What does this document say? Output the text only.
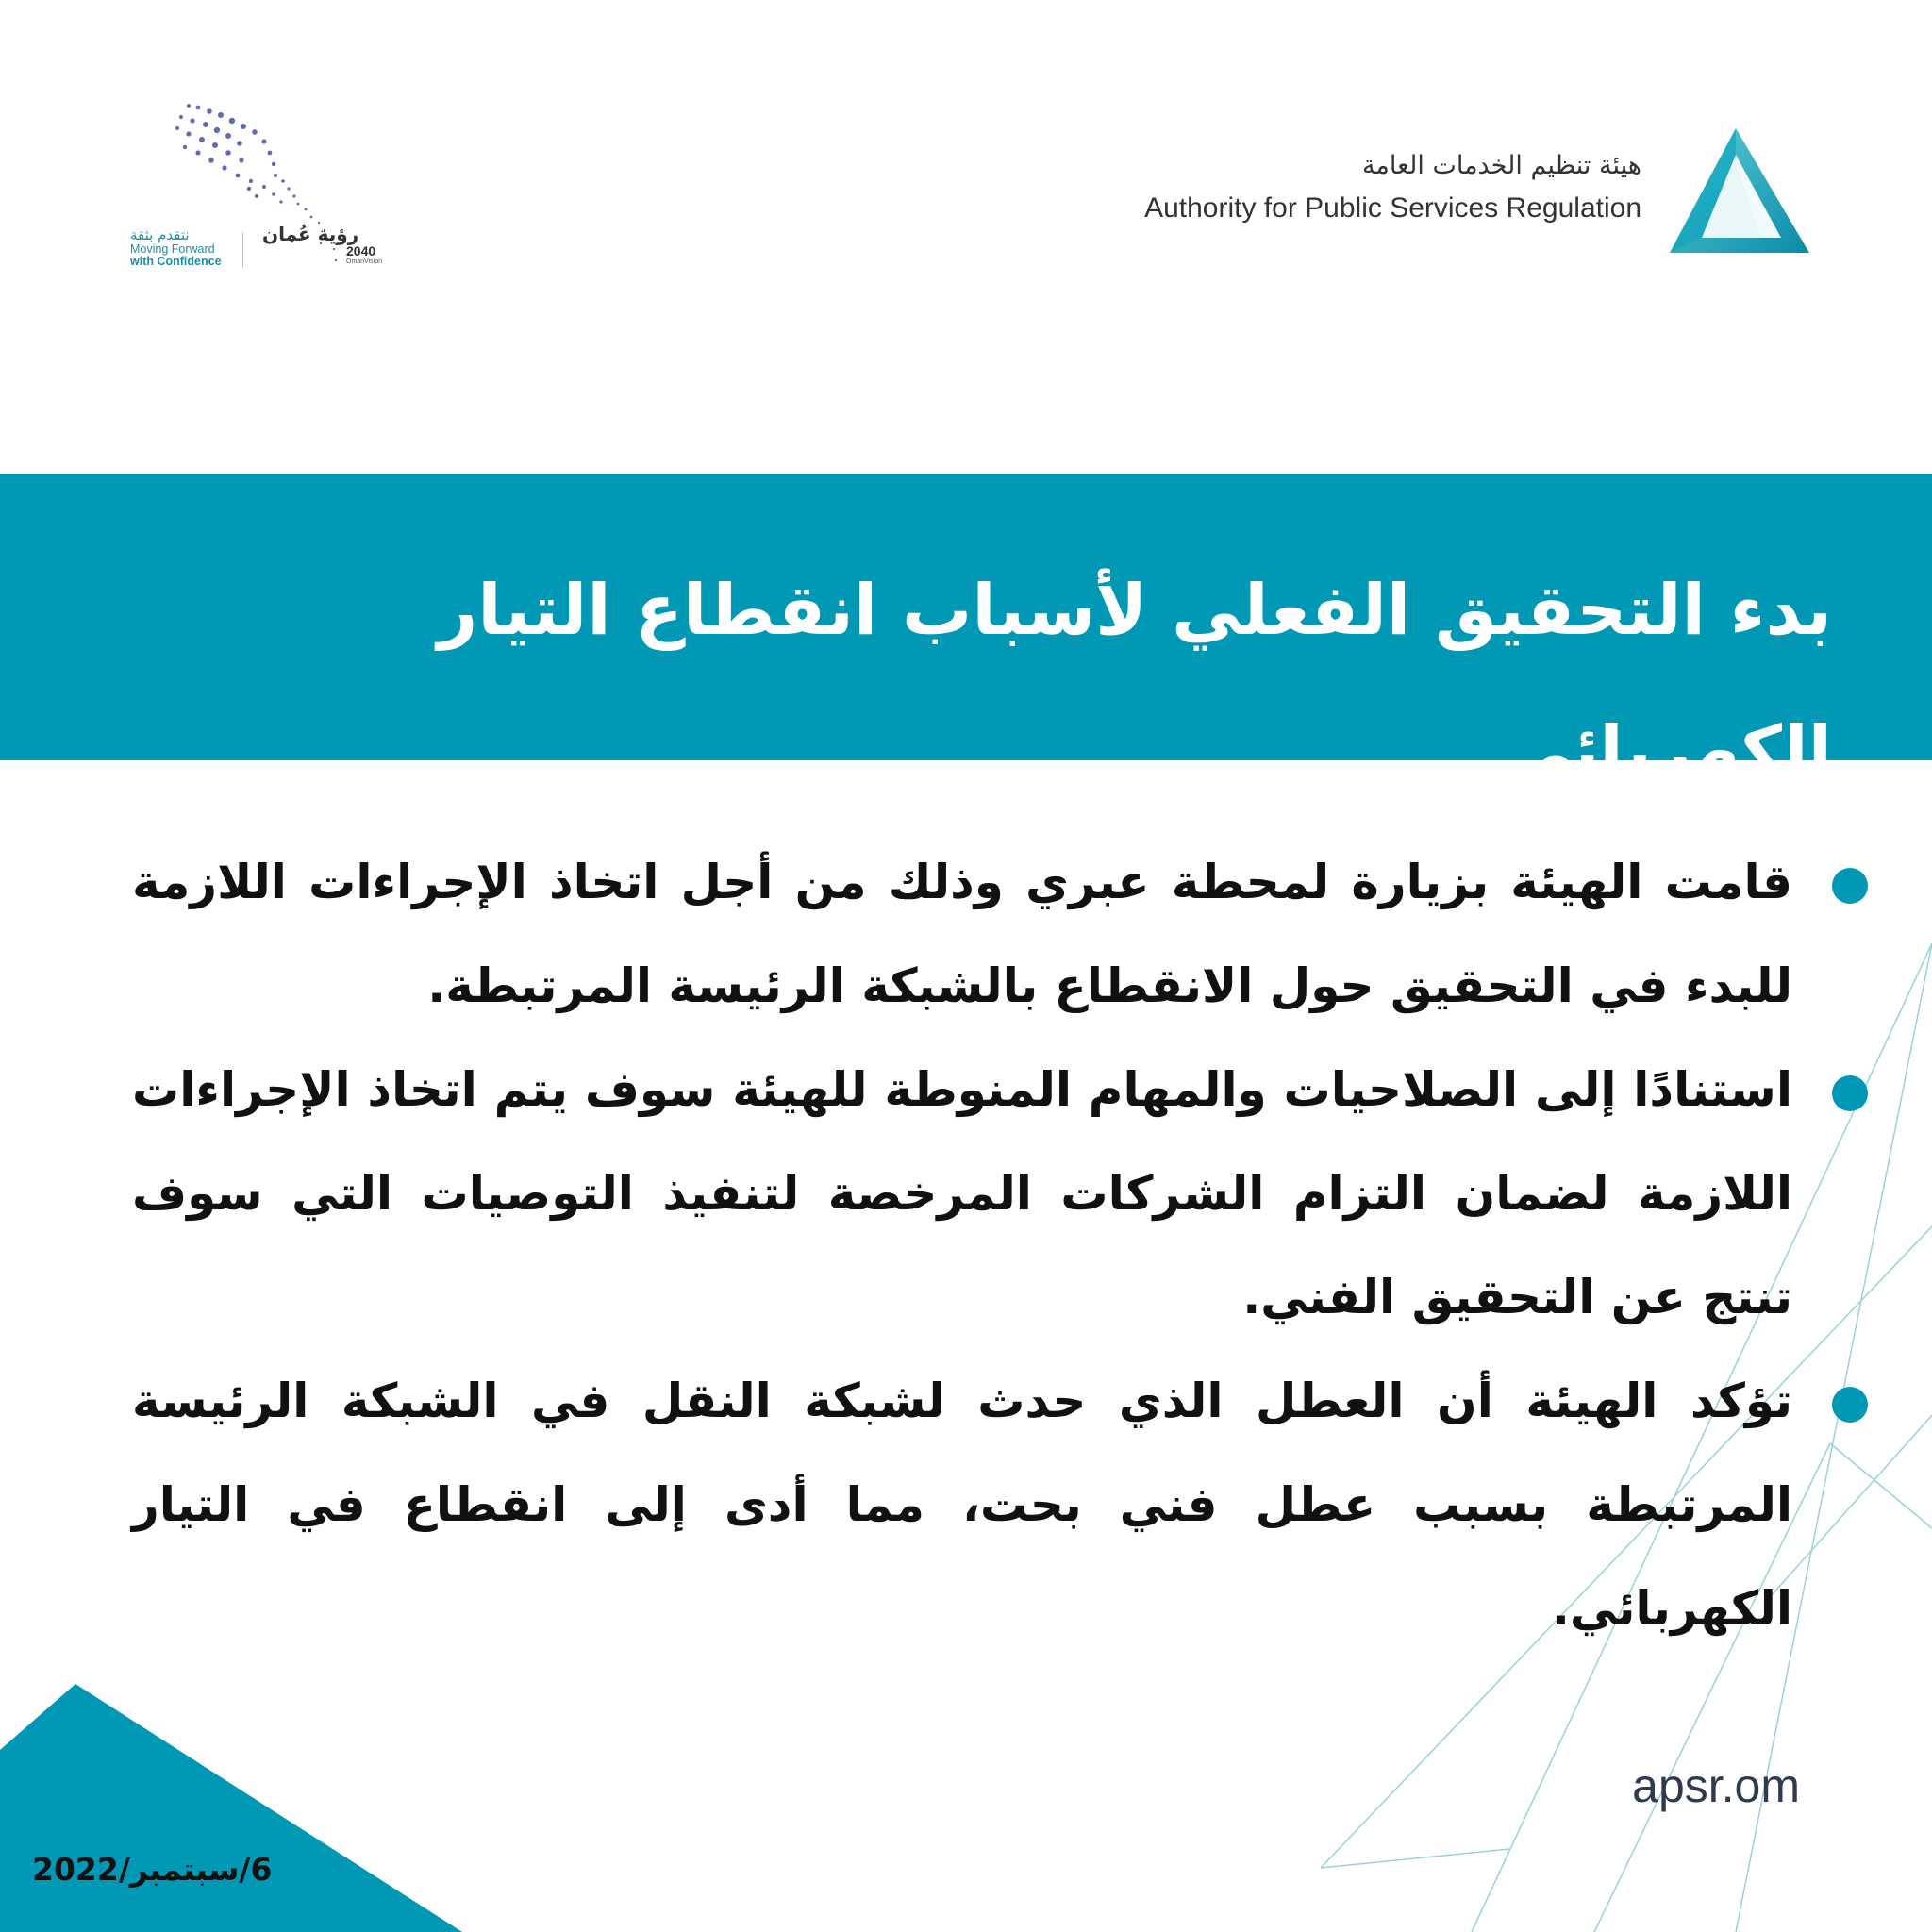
نتقدم بثقة
Moving Forward
with Confidence
رؤية عُمان
2040
OmanVision
هيئة تنظيم الخدمات العامة
Authority for Public Services Regulation
بدء التحقيق الفعلي لأسباب انقطاع التيار الكهربائي
قامت الهيئة بزيارة لمحطة عبري وذلك من أجل اتخاذ الإجراءات اللازمة للبدء في التحقيق حول الانقطاع بالشبكة الرئيسة المرتبطة.
استنادًا إلى الصلاحيات والمهام المنوطة للهيئة سوف يتم اتخاذ الإجراءات اللازمة لضمان التزام الشركات المرخصة لتنفيذ التوصيات التي سوف تنتج عن التحقيق الفني.
تؤكد الهيئة أن العطل الذي حدث لشبكة النقل في الشبكة الرئيسة المرتبطة بسبب عطل فني بحت، مما أدى إلى انقطاع في التيار الكهربائي.
apsr.om
6/سبتمبر/2022
